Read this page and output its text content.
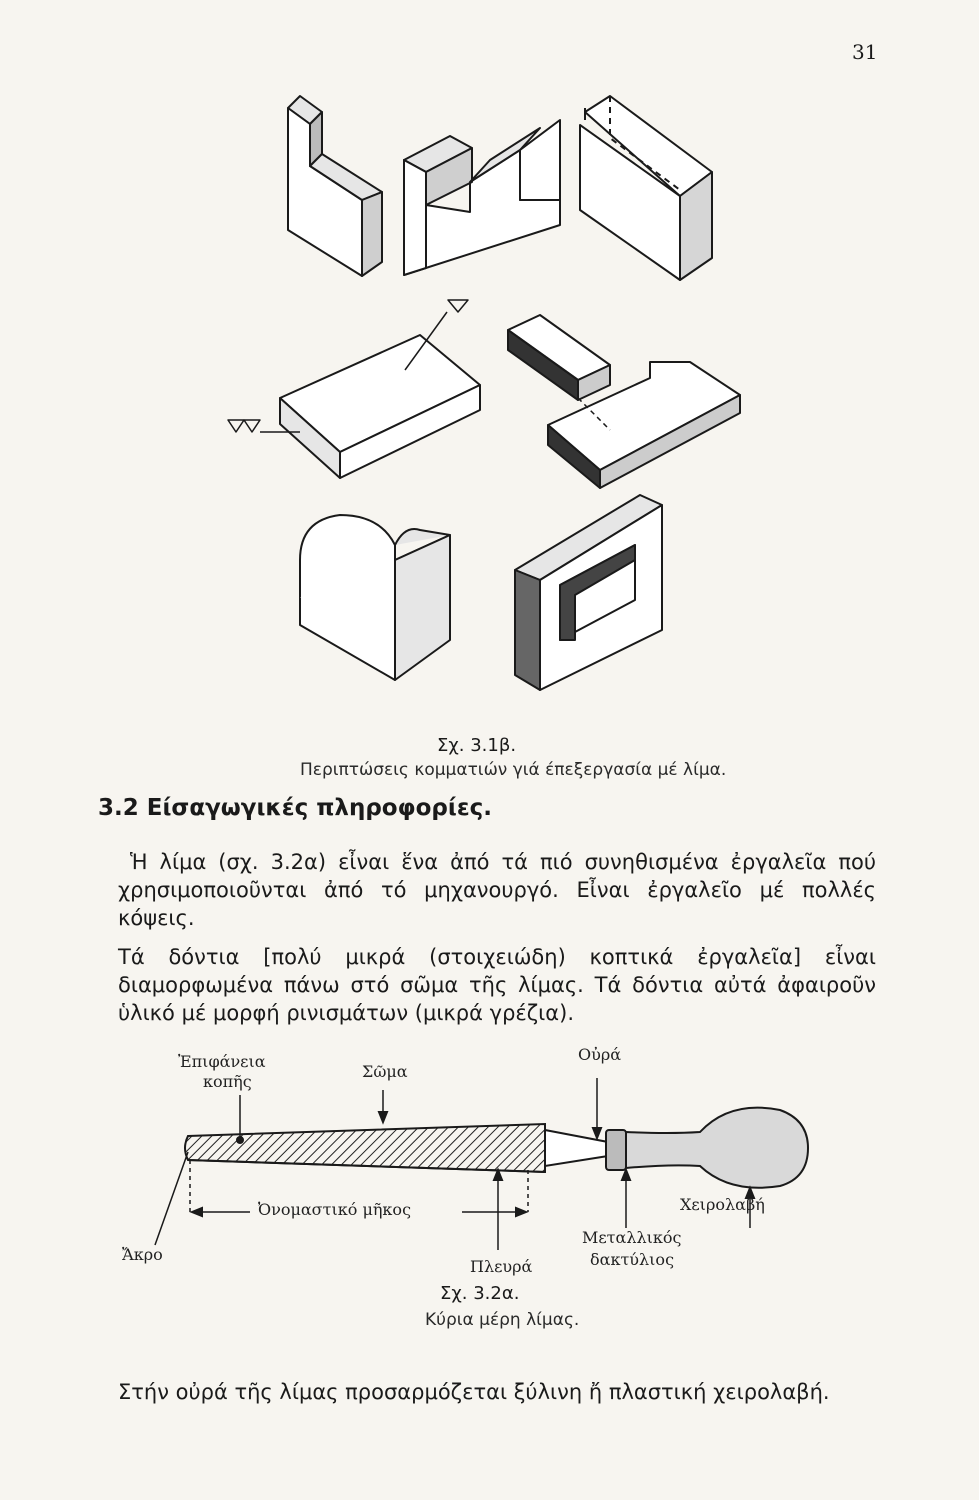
31
Σχ. 3.1β.
Περιπτώσεις κομματιών γιά έπεξεργασία μέ λίμα.
3.2 Είσαγωγικές πληροφορίες.
Ἡ λίμα (σχ. 3.2α) εἶναι ἕνα ἀπό τά πιό συνηθισμένα ἐργαλεῖα πού χρησιμοποιοῦνται ἀπό τό μηχανουργό. Εἶναι ἐργαλεῖο μέ πολλές κόψεις.
Τά δόντια [πολύ μικρά (στοιχειώδη) κοπτικά ἐργαλεῖα] εἶναι διαμορφωμένα πάνω στό σῶμα τῆς λίμας. Τά δόντια αὐτά ἀφαιροῦν ὑλικό μέ μορφή ρινισμάτων (μικρά γρέζια).
Ἐπιφάνεια
κοπῆς
Σῶμα
Οὐρά
Ὀνομαστικό μῆκος	Χειρολαβή
Μεταλλικός
δακτύλιος
Ἄκρο
Πλευρά
Σχ. 3.2α.
Κύρια μέρη λίμας.
Στήν οὐρά τῆς λίμας προσαρμόζεται ξύλινη ἤ πλαστική χειρολαβή.
